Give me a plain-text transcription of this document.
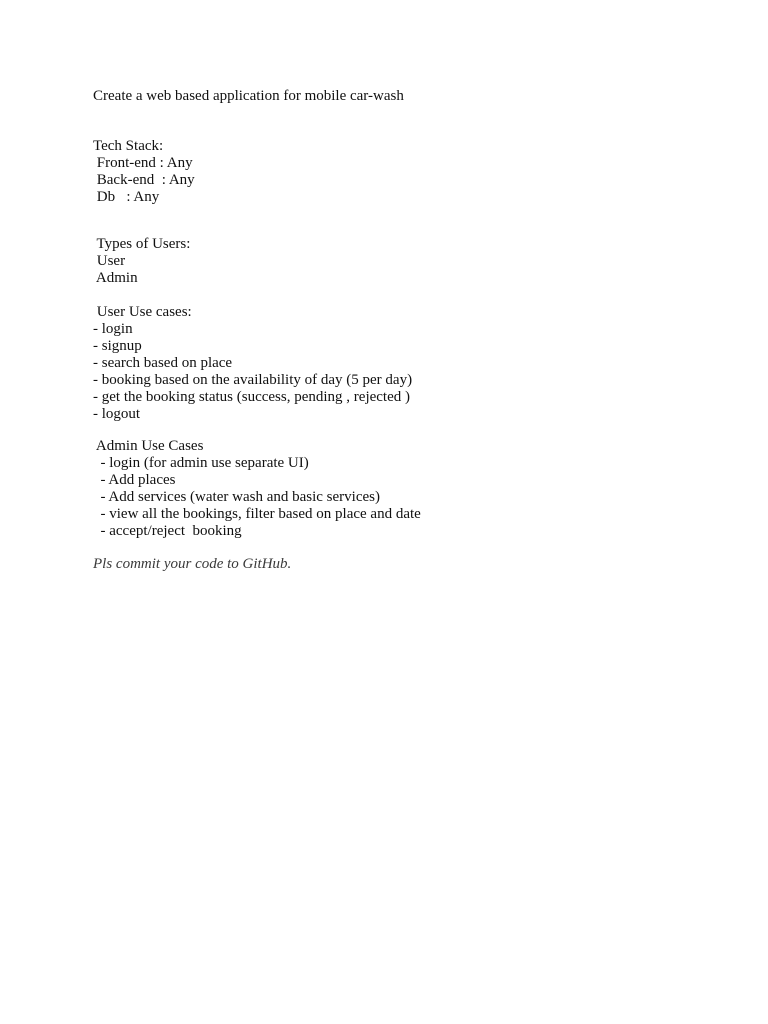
Create a web based application for mobile car-wash

Tech Stack:

Front-end : Any

Back-end  : Any

Db   : Any

Types of Users:

User

Admin

User Use cases:

- login

- signup

- search based on place

- booking based on the availability of day (5 per day)

- get the booking status (success, pending , rejected )

- logout

Admin Use Cases

- login (for admin use separate UI)

- Add places

- Add services (water wash and basic services)

- view all the bookings, filter based on place and date

- accept/reject  booking

Pls commit your code to GitHub.
